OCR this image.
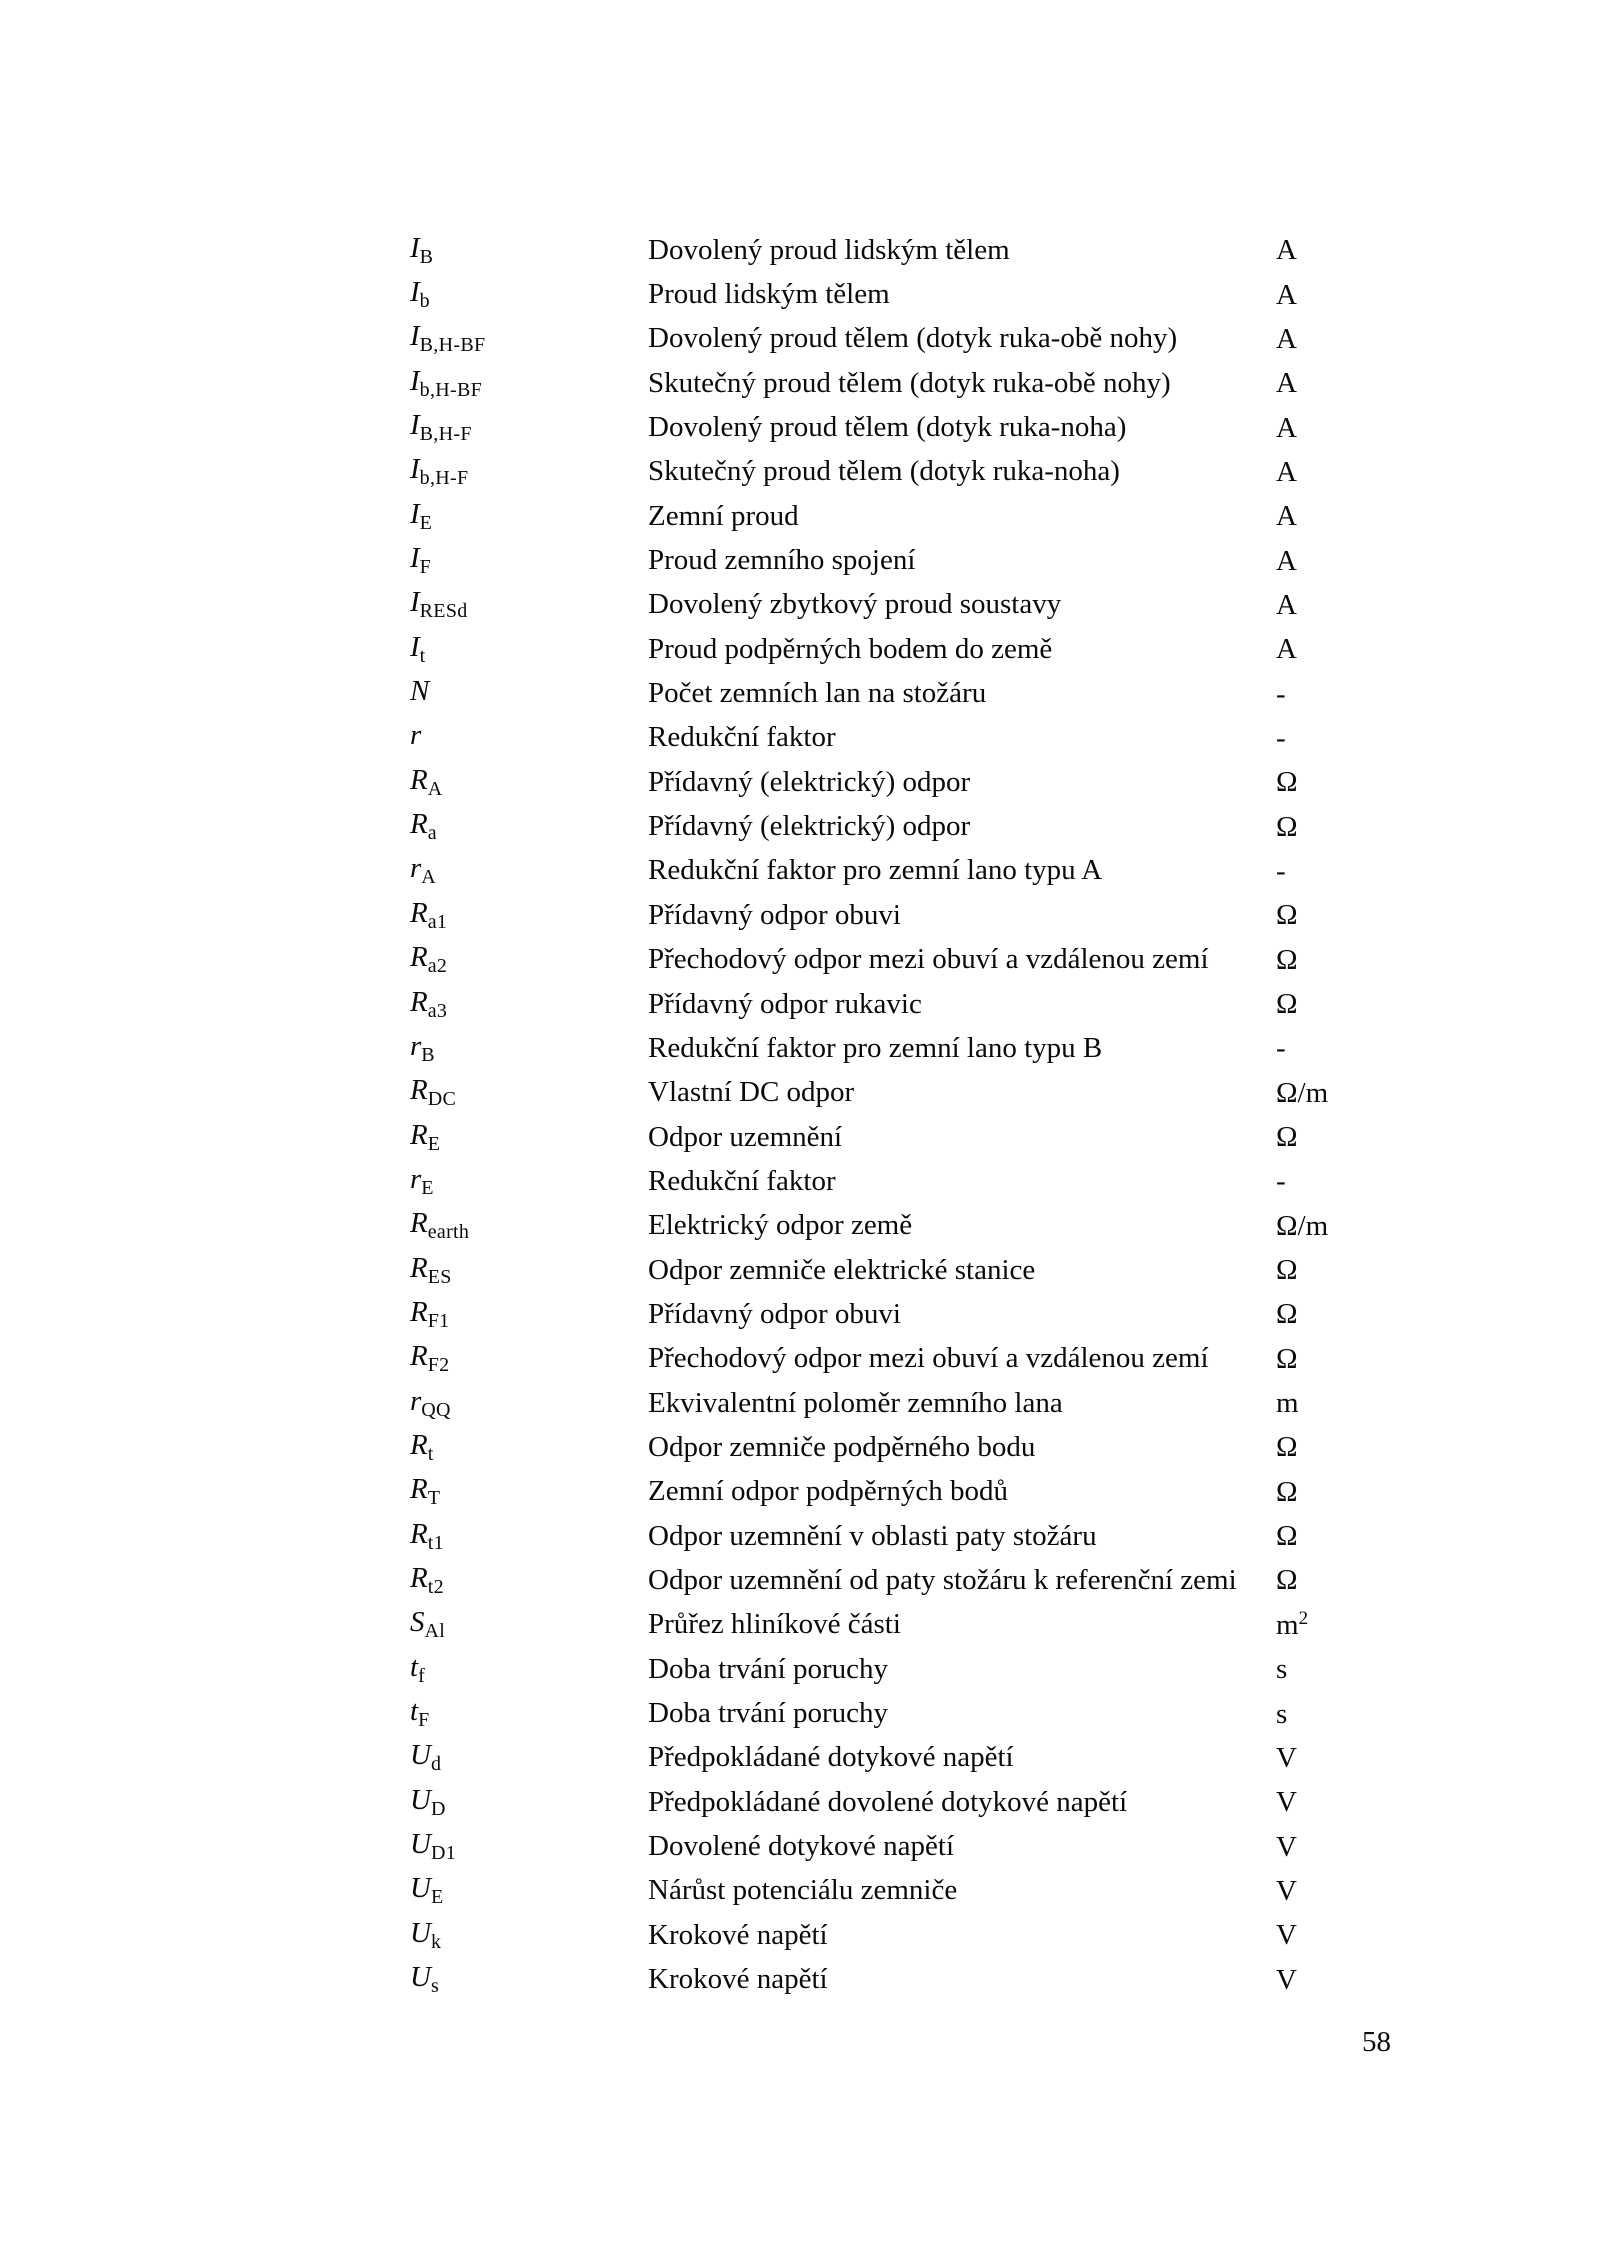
$I_B$	Dovolený proud lidským tělem	A
$I_b$	Proud lidským tělem	A
$I_{B,H-BF}$	Dovolený proud tělem (dotyk ruka-obě nohy)	A
$I_{b,H-BF}$	Skutečný proud tělem (dotyk ruka-obě nohy)	A
$I_{B,H-F}$	Dovolený proud tělem (dotyk ruka-noha)	A
$I_{b,H-F}$	Skutečný proud tělem (dotyk ruka-noha)	A
$I_E$	Zemní proud	A
$I_F$	Proud zemního spojení	A
$I_{RESd}$	Dovolený zbytkový proud soustavy	A
$I_t$	Proud podpěrných bodem do země	A
N	Počet zemních lan na stožáru	-
r	Redukční faktor	-
$R_A$	Přídavný (elektrický) odpor	Ω
$R_a$	Přídavný (elektrický) odpor	Ω
$r_A$	Redukční faktor pro zemní lano typu A	-
$R_{a1}$	Přídavný odpor obuvi	Ω
$R_{a2}$	Přechodový odpor mezi obuví a vzdálenou zemí	Ω
$R_{a3}$	Přídavný odpor rukavic	Ω
$r_B$	Redukční faktor pro zemní lano typu B	-
$R_{DC}$	Vlastní DC odpor	Ω/m
$R_E$	Odpor uzemnění	Ω
$r_E$	Redukční faktor	-
$R_{earth}$	Elektrický odpor země	Ω/m
$R_{ES}$	Odpor zemniče elektrické stanice	Ω
$R_{F1}$	Přídavný odpor obuvi	Ω
$R_{F2}$	Přechodový odpor mezi obuví a vzdálenou zemí	Ω
$r_{QQ}$	Ekvivalentní poloměr zemního lana	m
$R_t$	Odpor zemniče podpěrného bodu	Ω
$R_T$	Zemní odpor podpěrných bodů	Ω
$R_{t1}$	Odpor uzemnění v oblasti paty stožáru	Ω
$R_{t2}$	Odpor uzemnění od paty stožáru k referenční zemi	Ω
$S_{Al}$	Průřez hliníkové části	$m^2$
$t_f$	Doba trvání poruchy	s
$t_F$	Doba trvání poruchy	s
$U_d$	Předpokládané dotykové napětí	V
$U_D$	Předpokládané dovolené dotykové napětí	V
$U_{D1}$	Dovolené dotykové napětí	V
$U_E$	Nárůst potenciálu zemniče	V
$U_k$	Krokové napětí	V
$U_s$	Krokové napětí	V
58
